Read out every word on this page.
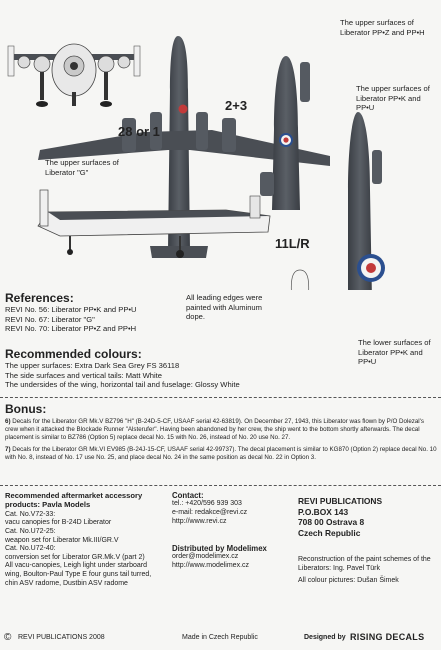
The upper surfaces of Liberator PP•Z and PP•H
2+3
The upper surfaces of Liberator PP•K and PP•U
28 or 1
The upper surfaces of Liberator "G"
11L/R
All leading edges were painted with Aluminum dope.
The lower surfaces of Liberator PP•K and PP•U
References:
REVI No. 56: Liberator PP•K and PP•U
REVI No. 67: Liberator "G"
REVI No. 70: Liberator PP•Z and PP•H
Recommended colours:
The upper surfaces: Extra Dark Sea Grey FS 36118
The side surfaces and vertical tails: Matt White
The undersides of the wing, horizontal tail and fuselage: Glossy White
Bonus:
6) Decals for the Liberator GR Mk.V BZ796 "H" (B-24D-5-CF, USAAF serial 42-63819). On December 27, 1943, this Liberator was flown by P/O Dolezal's crew when it attacked the Blockade Runner "Alsterufer". Having been abandoned by her crew, the ship went to the bottom shortly afterwards. The decal placement is similar to BZ786 (Option 5) replace decal No. 15 with No. 26, instead of No. 20 use No. 27.
7) Decals for the Liberator GR Mk.VI EV985 (B-24J-15-CF, USAAF serial 42-99737). The decal placement is similar to KG870 (Option 2) replace decal No. 10 with No. 8, instead of No. 17 use No. 25, and place decal No. 24 in the same position as decal No. 22 in Option 3.
Recommended aftermarket accessory products: Pavla Models
Cat. No.V72-33:
vacu canopies for B-24D Liberator
Cat. No.U72-25:
weapon set for Liberator Mk.III/GR.V
Cat. No.U72-40:
conversion set for Liberator GR.Mk.V (part 2)
All vacu-canopies, Leigh light under starboard wing, Boulton-Paul Type E four guns tail turred, chin ASV radome, Dustbin ASV radome
Contact:
tel.: +420/596 939 303
e-mail: redakce@revi.cz
http://www.revi.cz
Distributed by Modelimex
order@modelimex.cz
http://www.modelimex.cz
REVI PUBLICATIONS
P.O.BOX 143
708 00 Ostrava 8
Czech Republic
Reconstruction of the paint schemes of the Liberators: Ing. Pavel Türk
All colour pictures: Dušan Šimek
© REVI PUBLICATIONS 2008	Made in Czech Republic	Designed by RISING DECALS
